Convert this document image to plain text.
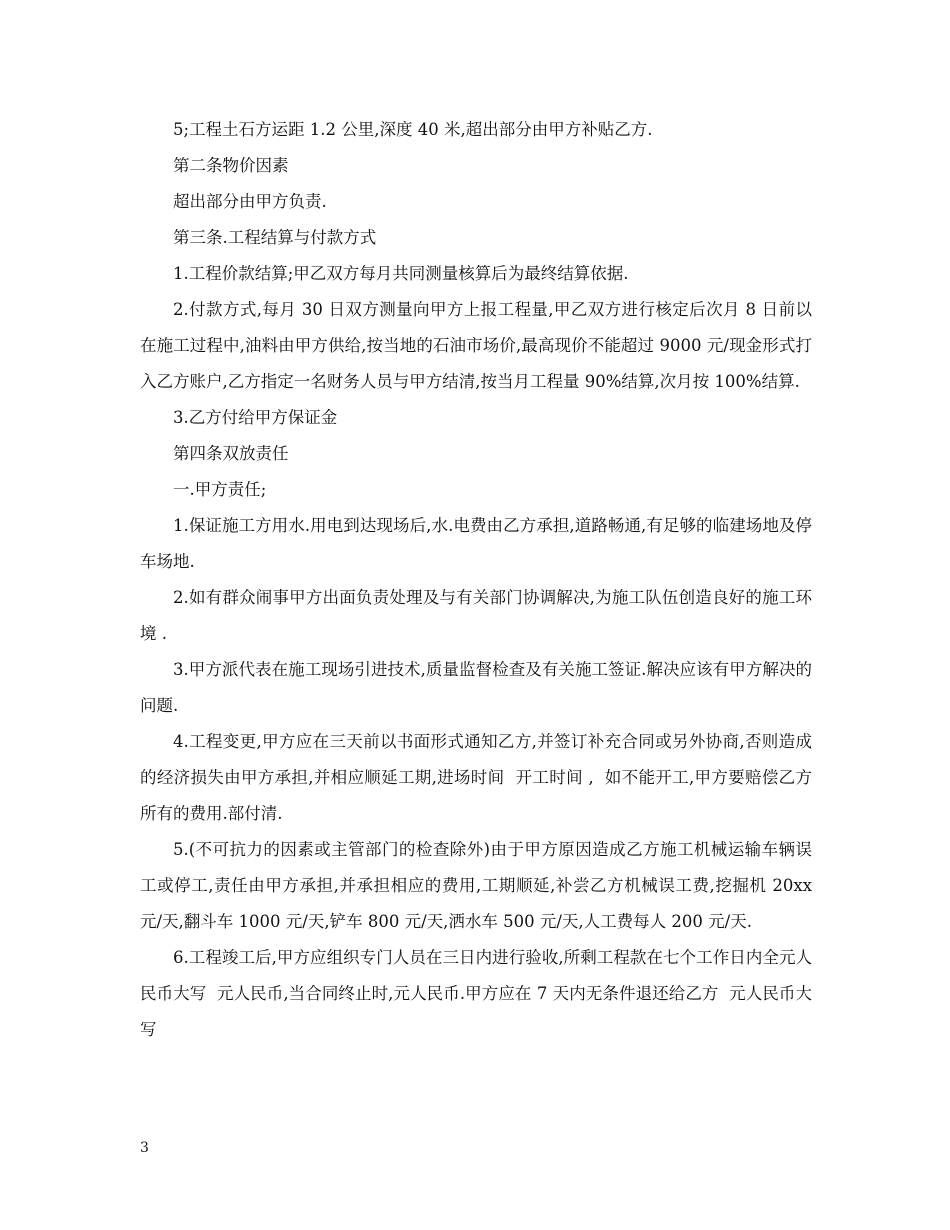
5;工程土石方运距 1.2 公里,深度 40 米,超出部分由甲方补贴乙方.

第二条物价因素

超出部分由甲方负责.

第三条.工程结算与付款方式

1.工程价款结算;甲乙双方每月共同测量核算后为最终结算依据.

2.付款方式,每月 30 日双方测量向甲方上报工程量,甲乙双方进行核定后次月 8 日前以在施工过程中,油料由甲方供给,按当地的石油市场价,最高现价不能超过 9000 元/现金形式打入乙方账户,乙方指定一名财务人员与甲方结清,按当月工程量 90%结算,次月按 100%结算.

3.乙方付给甲方保证金

第四条双放责任

一.甲方责任;

1.保证施工方用水.用电到达现场后,水.电费由乙方承担,道路畅通,有足够的临建场地及停车场地.

2.如有群众闹事甲方出面负责处理及与有关部门协调解决,为施工队伍创造良好的施工环境 .

3.甲方派代表在施工现场引进技术,质量监督检查及有关施工签证.解决应该有甲方解决的问题.

4.工程变更,甲方应在三天前以书面形式通知乙方,并签订补充合同或另外协商,否则造成的经济损失由甲方承担,并相应顺延工期,进场时间  开工时间 ,  如不能开工,甲方要赔偿乙方所有的费用.部付清.

5.(不可抗力的因素或主管部门的检查除外)由于甲方原因造成乙方施工机械运输车辆误工或停工,责任由甲方承担,并承担相应的费用,工期顺延,补尝乙方机械误工费,挖掘机 20xx 元/天,翻斗车 1000 元/天,铲车 800 元/天,洒水车 500 元/天,人工费每人 200 元/天.

6.工程竣工后,甲方应组织专门人员在三日内进行验收,所剩工程款在七个工作日内全元人民币大写  元人民币,当合同终止时,元人民币.甲方应在 7 天内无条件退还给乙方  元人民币大写

3
